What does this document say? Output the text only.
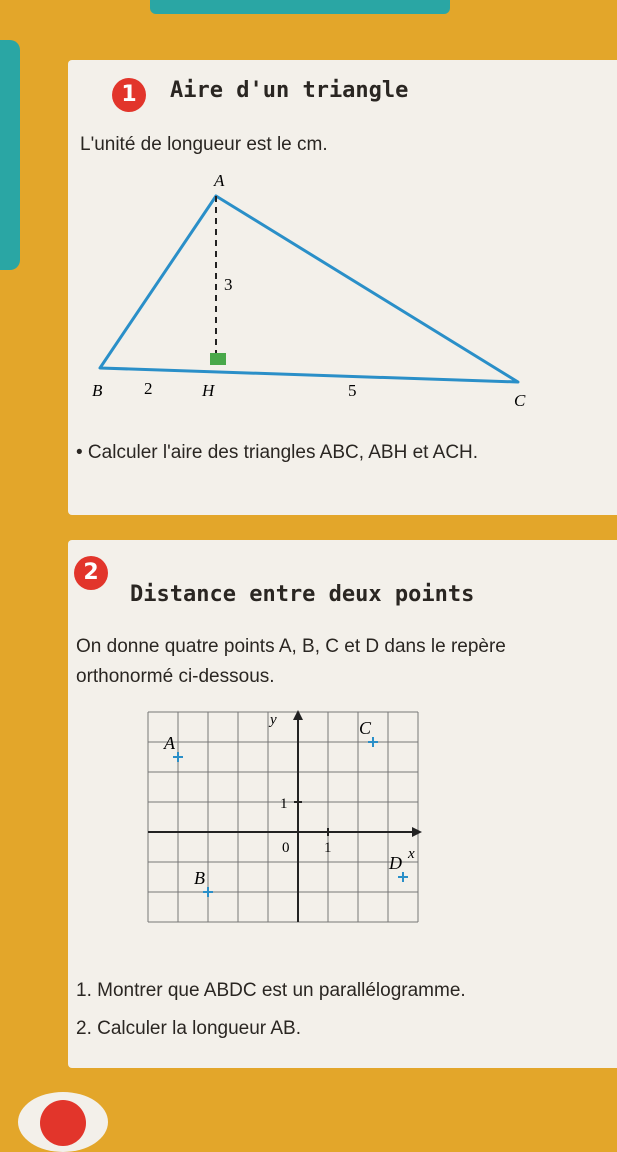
1	Aire d'un triangle
L'unité de longueur est le cm.
A
B	H
C
2
3
5
• Calculer l'aire des triangles ABC, ABH et ACH.
2
Distance entre deux points
On donne quatre points A, B, C et D dans le repère orthonormé ci-dessous.
y
x
0 1
1
A
B
C
D
1. Montrer que ABDC est un parallélogramme.
2. Calculer la longueur AB.
